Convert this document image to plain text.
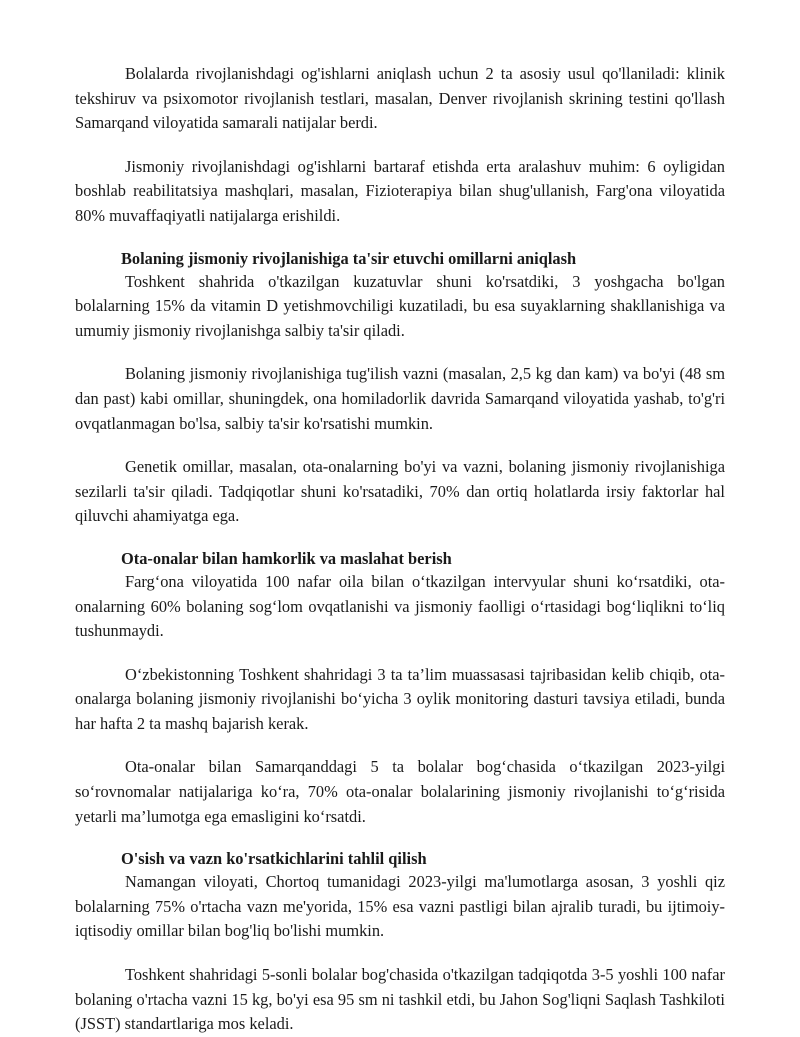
Bolalarda rivojlanishdagi og'ishlarni aniqlash uchun 2 ta asosiy usul qo'llaniladi: klinik tekshiruv va psixomotor rivojlanish testlari, masalan, Denver rivojlanish skrining testini qo'llash Samarqand viloyatida samarali natijalar berdi.

Jismoniy rivojlanishdagi og'ishlarni bartaraf etishda erta aralashuv muhim: 6 oyligidan boshlab reabilitatsiya mashqlari, masalan, Fizioterapiya bilan shug'ullanish, Farg'ona viloyatida 80% muvaffaqiyatli natijalarga erishildi.

Bolaning jismoniy rivojlanishiga ta'sir etuvchi omillarni aniqlash

Toshkent shahrida o'tkazilgan kuzatuvlar shuni ko'rsatdiki, 3 yoshgacha bo'lgan bolalarning 15% da vitamin D yetishmovchiligi kuzatiladi, bu esa suyaklarning shakllanishiga va umumiy jismoniy rivojlanishga salbiy ta'sir qiladi.

Bolaning jismoniy rivojlanishiga tug'ilish vazni (masalan, 2,5 kg dan kam) va bo'yi (48 sm dan past) kabi omillar, shuningdek, ona homiladorlik davrida Samarqand viloyatida yashab, to'g'ri ovqatlanmagan bo'lsa, salbiy ta'sir ko'rsatishi mumkin.

Genetik omillar, masalan, ota-onalarning bo'yi va vazni, bolaning jismoniy rivojlanishiga sezilarli ta'sir qiladi. Tadqiqotlar shuni ko'rsatadiki, 70% dan ortiq holatlarda irsiy faktorlar hal qiluvchi ahamiyatga ega.

Ota-onalar bilan hamkorlik va maslahat berish

Farg‘ona viloyatida 100 nafar oila bilan o‘tkazilgan intervyular shuni ko‘rsatdiki, ota-onalarning 60% bolaning sog‘lom ovqatlanishi va jismoniy faolligi o‘rtasidagi bog‘liqlikni to‘liq tushunmaydi.

O‘zbekistonning Toshkent shahridagi 3 ta ta’lim muassasasi tajribasidan kelib chiqib, ota-onalarga bolaning jismoniy rivojlanishi bo‘yicha 3 oylik monitoring dasturi tavsiya etiladi, bunda har hafta 2 ta mashq bajarish kerak.

Ota-onalar bilan Samarqanddagi 5 ta bolalar bog‘chasida o‘tkazilgan 2023-yilgi so‘rovnomalar natijalariga ko‘ra, 70% ota-onalar bolalarining jismoniy rivojlanishi to‘g‘risida yetarli ma’lumotga ega emasligini ko‘rsatdi.

O'sish va vazn ko'rsatkichlarini tahlil qilish

Namangan viloyati, Chortoq tumanidagi 2023-yilgi ma'lumotlarga asosan, 3 yoshli qiz bolalarning 75% o'rtacha vazn me'yorida, 15% esa vazni pastligi bilan ajralib turadi, bu ijtimoiy-iqtisodiy omillar bilan bog'liq bo'lishi mumkin.

Toshkent shahridagi 5-sonli bolalar bog'chasida o'tkazilgan tadqiqotda 3-5 yoshli 100 nafar bolaning o'rtacha vazni 15 kg, bo'yi esa 95 sm ni tashkil etdi, bu Jahon Sog'liqni Saqlash Tashkiloti (JSST) standartlariga mos keladi.
